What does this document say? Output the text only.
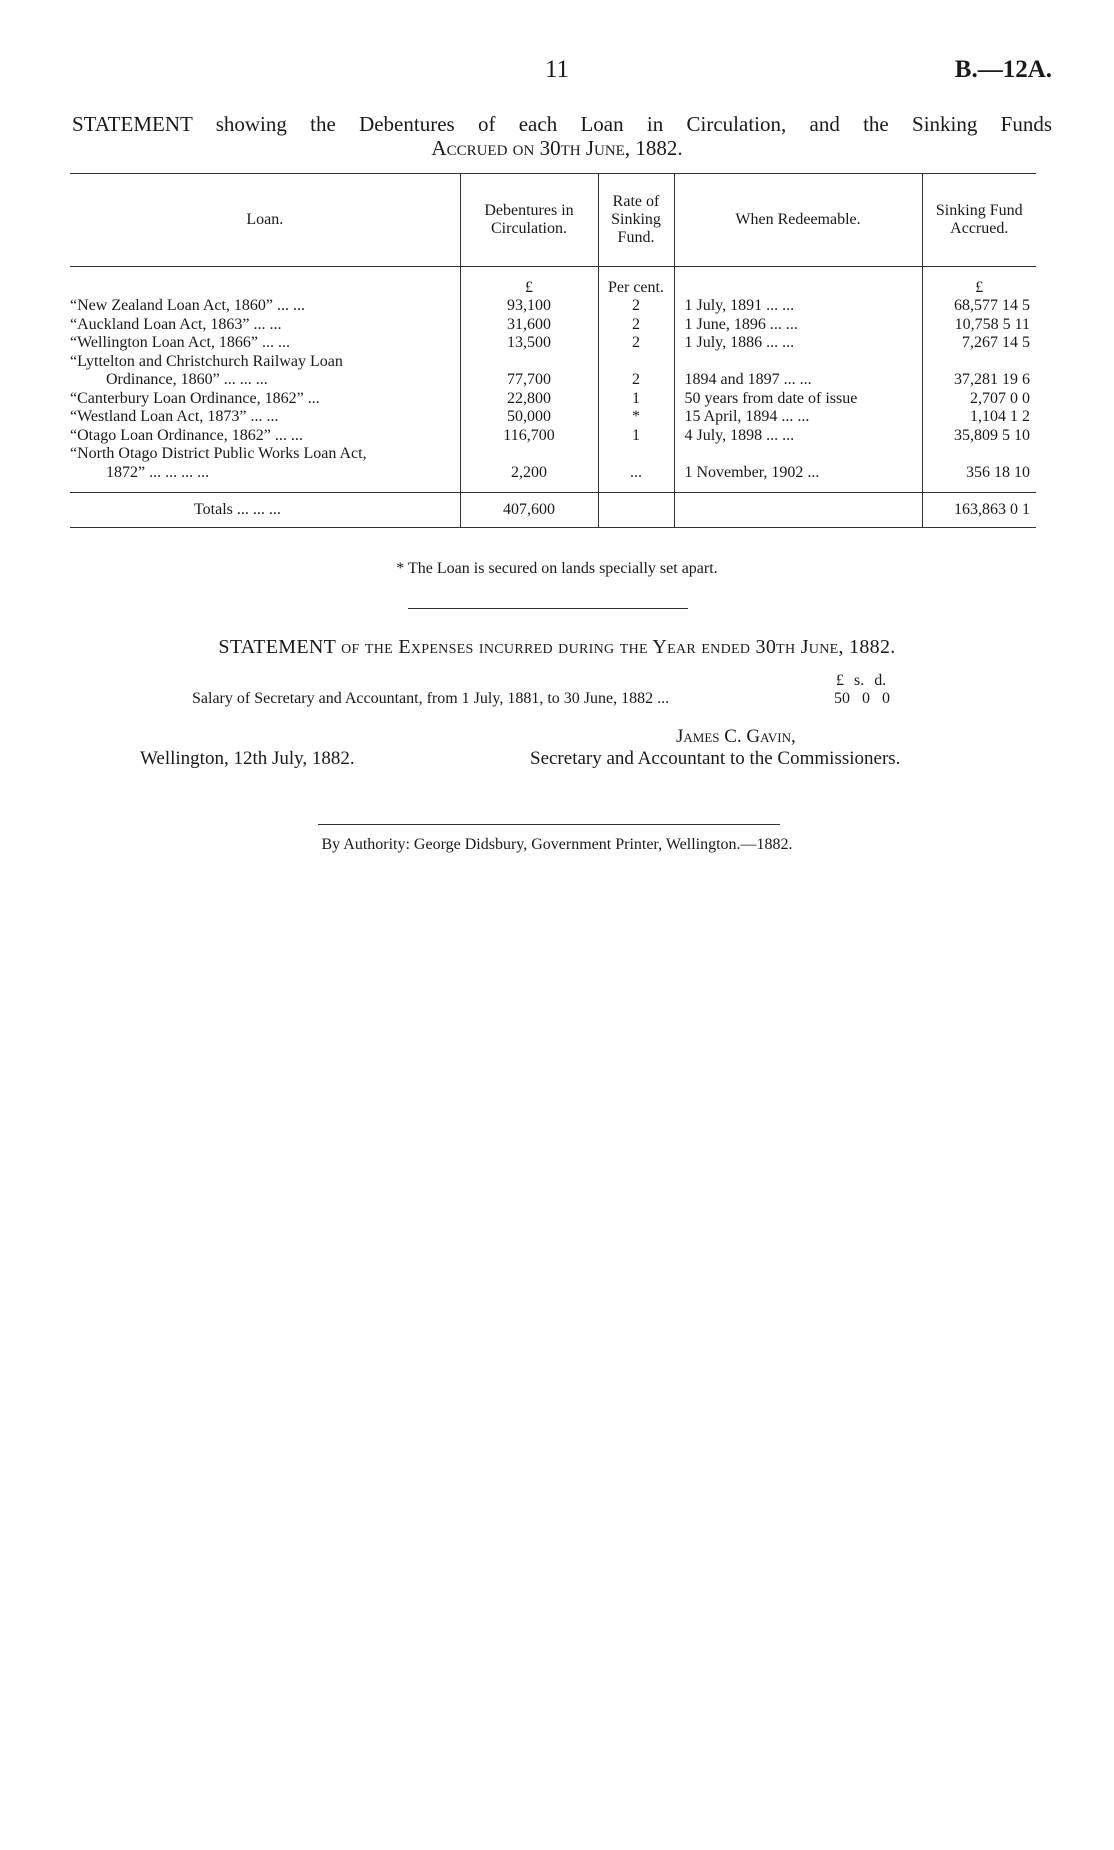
11	B.—12A.
STATEMENT showing the Debentures of each Loan in Circulation, and the Sinking Funds
Accrued on 30th June, 1882.
Loan.	Debentures in Circulation.	Rate of Sinking Fund.	When Redeemable.	Sinking Fund Accrued.

	£	Per cent.		£
“New Zealand Loan Act, 1860” ... ...	93,100	2	1 July, 1891 ... ...	68,577 14 5
“Auckland Loan Act, 1863” ... ...	31,600	2	1 June, 1896 ... ...	10,758 5 11
“Wellington Loan Act, 1866” ... ...	13,500	2	1 July, 1886 ... ...	7,267 14 5
“Lyttelton and Christchurch Railway Loan				
Ordinance, 1860” ... ... ...	77,700	2	1894 and 1897 ... ...	37,281 19 6
“Canterbury Loan Ordinance, 1862” ...	22,800	1	50 years from date of issue	2,707 0 0
“Westland Loan Act, 1873” ... ...	50,000	*	15 April, 1894 ... ...	1,104 1 2
“Otago Loan Ordinance, 1862” ... ...	116,700	1	4 July, 1898 ... ...	35,809 5 10
“North Otago District Public Works Loan Act,				
1872” ... ... ... ...	2,200	...	1 November, 1902 ...	356 18 10
Totals ... ... ...	407,600			163,863 0 1
* The Loan is secured on lands specially set apart.
STATEMENT of the Expenses incurred during the Year ended 30th June, 1882.
£ s. d.
Salary of Secretary and Accountant, from 1 July, 1881, to 30 June, 1882 ...	50 0 0
James C. Gavin,
Secretary and Accountant to the Commissioners.
Wellington, 12th July, 1882.
By Authority: George Didsbury, Government Printer, Wellington.—1882.
